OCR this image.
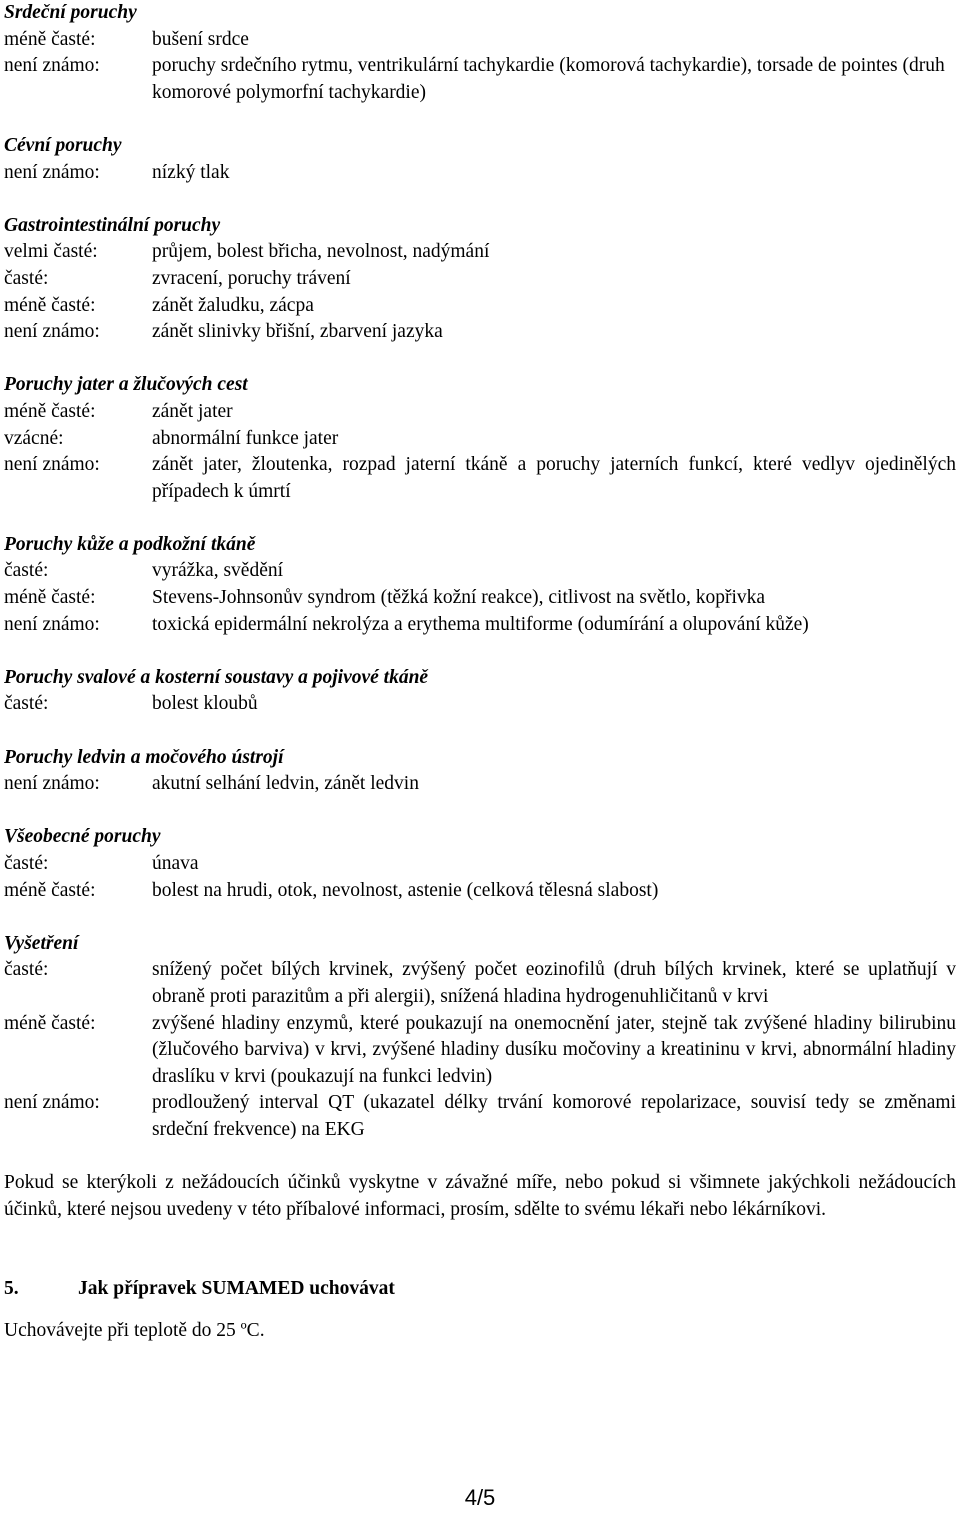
Srdeční poruchy
méně časté:	bušení srdce
není známo:	poruchy srdečního rytmu, ventrikulární tachykardie (komorová tachykardie), torsade de pointes (druh komorové polymorfní tachykardie)
Cévní poruchy
není známo:	nízký tlak
Gastrointestinální poruchy
velmi časté:	průjem, bolest břicha, nevolnost, nadýmání
časté:	zvracení, poruchy trávení
méně časté:	zánět žaludku, zácpa
není známo:	zánět slinivky břišní, zbarvení jazyka
Poruchy jater a žlučových cest
méně časté:	zánět jater
vzácné:	abnormální funkce jater
není známo:	zánět jater, žloutenka, rozpad jaterní tkáně a poruchy jaterních funkcí, které vedlyv ojedinělých případech k úmrtí
Poruchy kůže a podkožní tkáně
časté:	vyrážka, svědění
méně časté:	Stevens-Johnsonův syndrom (těžká kožní reakce), citlivost na světlo, kopřivka
není známo:	toxická epidermální nekrolýza a erythema multiforme (odumírání a olupování kůže)
Poruchy svalové a kosterní soustavy a pojivové tkáně
časté:	bolest kloubů
Poruchy ledvin a močového ústrojí
není známo:	akutní selhání ledvin, zánět ledvin
Všeobecné poruchy
časté:	únava
méně časté:	bolest na hrudi, otok, nevolnost, astenie (celková tělesná slabost)
Vyšetření
časté:	snížený počet bílých krvinek, zvýšený počet eozinofilů (druh bílých krvinek, které se uplatňují v obraně proti parazitům a při alergii), snížená hladina hydrogenuhličitanů v krvi
méně časté:	zvýšené hladiny enzymů, které poukazují na onemocnění jater, stejně tak zvýšené hladiny bilirubinu (žlučového barviva) v krvi, zvýšené hladiny dusíku močoviny a kreatininu v krvi, abnormální hladiny draslíku v krvi (poukazují na funkci ledvin)
není známo:	prodloužený interval QT (ukazatel délky trvání komorové repolarizace, souvisí tedy se změnami srdeční frekvence) na EKG
Pokud se kterýkoli z nežádoucích účinků vyskytne v závažné míře, nebo pokud si všimnete jakýchkoli nežádoucích účinků, které nejsou uvedeny v této příbalové informaci, prosím, sdělte to svému lékaři nebo lékárníkovi.
5.	Jak přípravek SUMAMED uchovávat
Uchovávejte při teplotě do 25 ºC.
4/5
